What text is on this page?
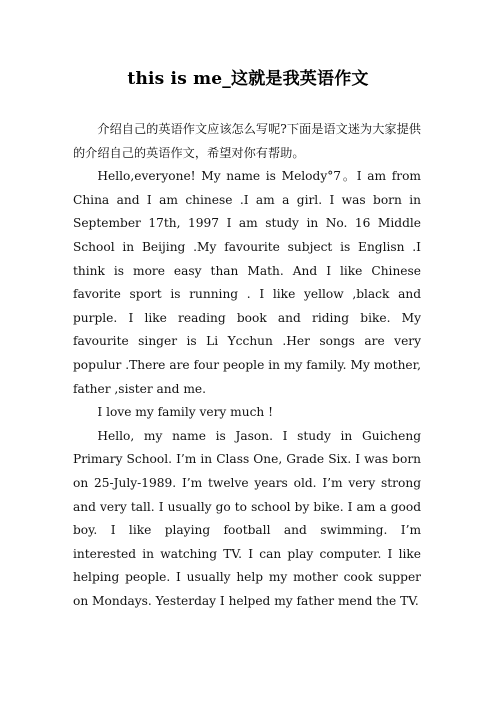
this is me_这就是我英语作文

介绍自己的英语作文应该怎么写呢?下面是语文迷为大家提供的介绍自己的英语作文，希望对你有帮助。

Hello,everyone! My name is Melody°7。I am from China and I am chinese .I am a girl. I was born in September 17th, 1997 I am study in No. 16 Middle School in Beijing .My favourite subject is Englisn .I think is more easy than Math. And I like Chinese favorite sport is running . I like yellow ,black and purple. I like reading book and riding bike. My favourite singer is Li Ycchun .Her songs are very populur .There are four people in my family. My mother, father ,sister and me.

I love my family very much !

Hello, my name is Jason. I study in Guicheng Primary School. I’m in Class One, Grade Six. I was born on 25-July-1989. I’m twelve years old. I’m very strong and very tall. I usually go to school by bike. I am a good boy. I like playing football and swimming. I’m interested in watching TV. I can play computer. I like helping people. I usually help my mother cook supper on Mondays. Yesterday I helped my father mend the TV.
